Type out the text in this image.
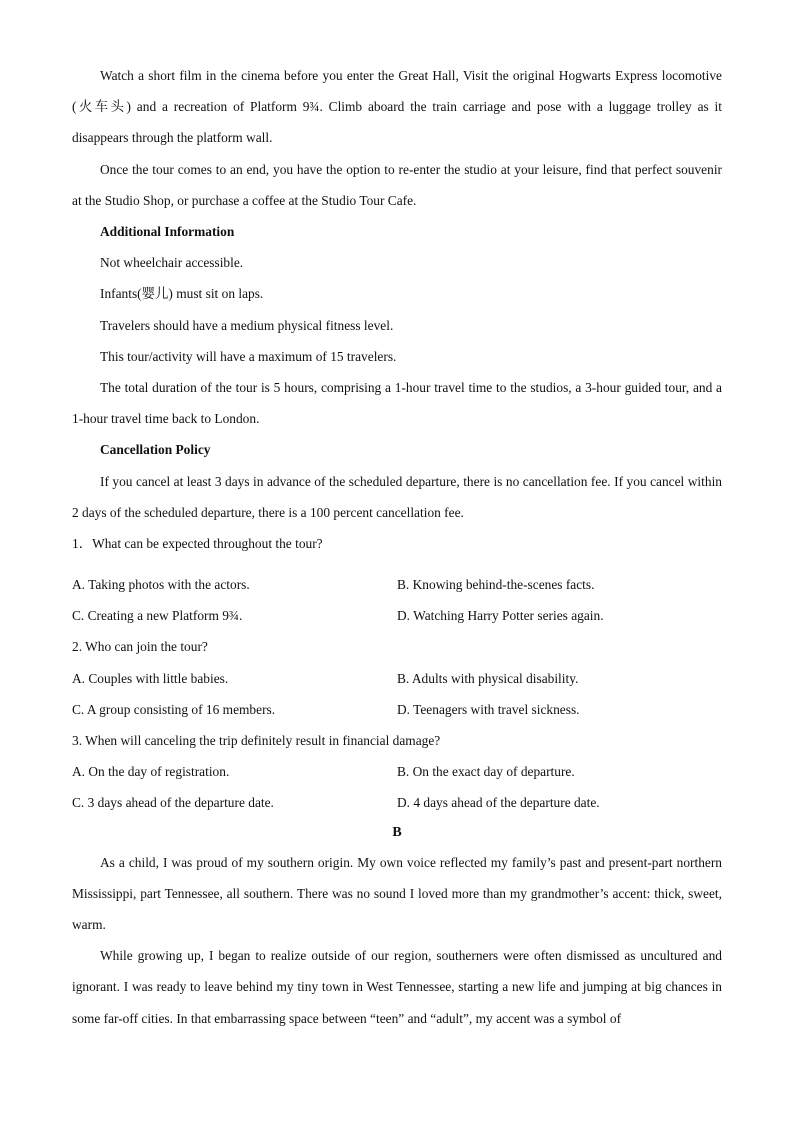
Watch a short film in the cinema before you enter the Great Hall, Visit the original Hogwarts Express locomotive (火车头) and a recreation of Platform 9¾. Climb aboard the train carriage and pose with a luggage trolley as it disappears through the platform wall.

Once the tour comes to an end, you have the option to re-enter the studio at your leisure, find that perfect souvenir at the Studio Shop, or purchase a coffee at the Studio Tour Cafe.

Additional Information

Not wheelchair accessible.

Infants(婴儿) must sit on laps.

Travelers should have a medium physical fitness level.

This tour/activity will have a maximum of 15 travelers.

The total duration of the tour is 5 hours, comprising a 1-hour travel time to the studios, a 3-hour guided tour, and a 1-hour travel time back to London.

Cancellation Policy

If you cancel at least 3 days in advance of the scheduled departure, there is no cancellation fee. If you cancel within 2 days of the scheduled departure, there is a 100 percent cancellation fee.

1．What can be expected throughout the tour?

A. Taking photos with the actors.	B. Knowing behind-the-scenes facts.
C. Creating a new Platform 9¾.	D. Watching Harry Potter series again.

2. Who can join the tour?

A. Couples with little babies.	B. Adults with physical disability.
C. A group consisting of 16 members.	D. Teenagers with travel sickness.

3. When will canceling the trip definitely result in financial damage?

A. On the day of registration.	B. On the exact day of departure.
C. 3 days ahead of the departure date.	D. 4 days ahead of the departure date.

B

As a child, I was proud of my southern origin. My own voice reflected my family’s past and present-part northern Mississippi, part Tennessee, all southern. There was no sound I loved more than my grandmother’s accent: thick, sweet, warm.

While growing up, I began to realize outside of our region, southerners were often dismissed as uncultured and ignorant. I was ready to leave behind my tiny town in West Tennessee, starting a new life and jumping at big chances in some far-off cities. In that embarrassing space between “teen” and “adult”, my accent was a symbol of
